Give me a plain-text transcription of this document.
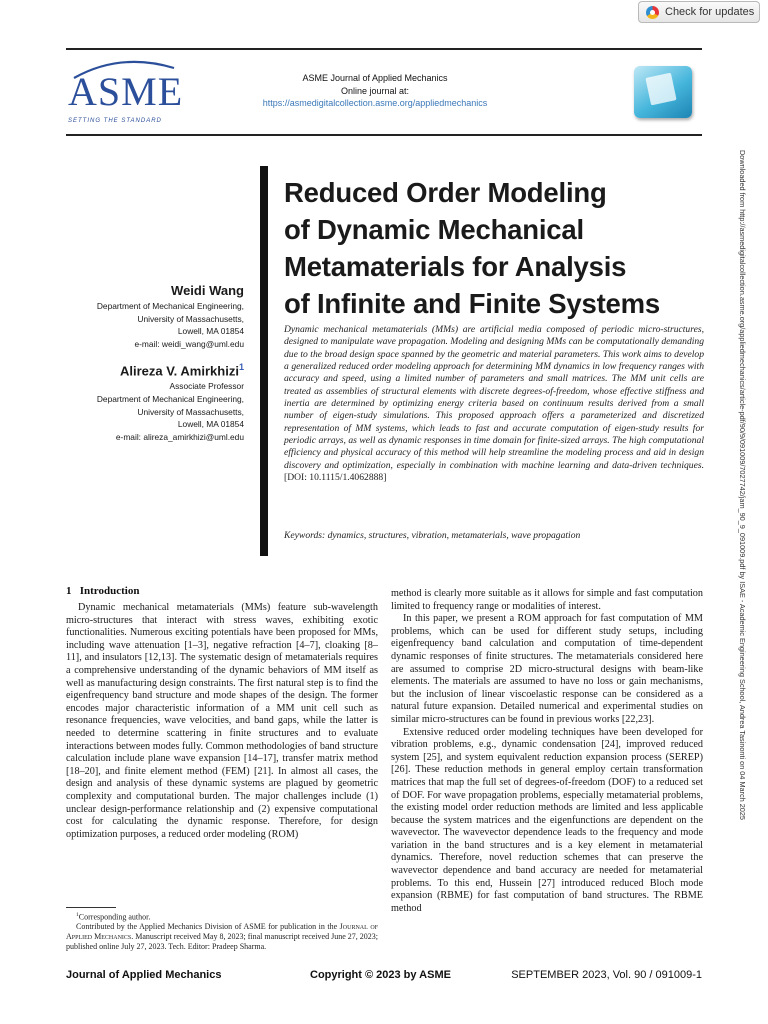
Check for updates
ASME
SETTING THE STANDARD
ASME Journal of Applied Mechanics
Online journal at:
https://asmedigitalcollection.asme.org/appliedmechanics
Downloaded from http://asmedigitalcollection.asme.org/appliedmechanics/article-pdf/90/9/091009/7027742/jam_90_9_091009.pdf by ISAE - Academic Engineering School, Andrea Tasinonti on 04 March 2025
Reduced Order Modeling
of Dynamic Mechanical
Metamaterials for Analysis
of Infinite and Finite Systems
Weidi Wang
Department of Mechanical Engineering,
University of Massachusetts,
Lowell, MA 01854
e-mail: weidi_wang@uml.edu
Alireza V. Amirkhizi$^1$
Associate Professor
Department of Mechanical Engineering,
University of Massachusetts,
Lowell, MA 01854
e-mail: alireza_amirkhizi@uml.edu
Dynamic mechanical metamaterials (MMs) are artificial media composed of periodic micro-structures, designed to manipulate wave propagation. Modeling and designing MMs can be computationally demanding due to the broad design space spanned by the geometric and material parameters. This work aims to develop a generalized reduced order modeling approach for determining MM dynamics in low frequency ranges with accuracy and speed, using a limited number of parameters and small matrices. The MM unit cells are treated as assemblies of structural elements with discrete degrees-of-freedom, whose effective stiffness and inertia are determined by optimizing energy criteria based on continuum results derived from a small number of eigen-study simulations. This proposed approach offers a parameterized and discretized representation of MM systems, which leads to fast and accurate computation of eigen-study results for periodic arrays, as well as dynamic responses in time domain for finite-sized arrays. The high computational efficiency and physical accuracy of this method will help streamline the modeling process and aid in design discovery and optimization, especially in combination with machine learning and data-driven techniques. [DOI: 10.1115/1.4062888]
Keywords: dynamics, structures, vibration, metamaterials, wave propagation
1 Introduction

Dynamic mechanical metamaterials (MMs) feature sub-wavelength micro-structures that interact with stress waves, exhibiting exotic functionalities. Numerous exciting potentials have been proposed for MMs, including wave attenuation [1–3], negative refraction [4–7], cloaking [8–11], and insulators [12,13]. The systematic design of metamaterials requires a comprehensive understanding of the dynamic behaviors of MM itself as well as manufacturing design constraints. The first natural step is to find the eigenfrequency band structure and mode shapes of the design. The former encodes major characteristic information of a MM unit cell such as resonance frequencies, wave velocities, and band gaps, while the latter is needed to determine scattering in finite structures and to evaluate interactions between modes fully. Common methodologies of band structure calculation include plane wave expansion [14–17], transfer matrix method [18–20], and finite element method (FEM) [21]. In almost all cases, the design and analysis of these dynamic systems are plagued by geometric complexity and computational burden. The major challenges include (1) unclear design-performance relationship and (2) expensive computational cost for calculating the dynamic response. Therefore, for design optimization purposes, a reduced order modeling (ROM)

method is clearly more suitable as it allows for simple and fast computation limited to frequency range or modalities of interest.

In this paper, we present a ROM approach for fast computation of MM problems, which can be used for different study setups, including eigenfrequency band calculation and computation of time-dependent dynamic responses of finite structures. The metamaterials considered here are assumed to comprise 2D micro-structural designs with beam-like elements. The materials are assumed to have no loss or gain mechanisms, but the inclusion of linear viscoelastic response can be considered as a natural future expansion. Detailed numerical and experimental studies on similar micro-structures can be found in previous works [22,23].

Extensive reduced order modeling techniques have been developed for vibration problems, e.g., dynamic condensation [24], improved reduced system [25], and system equivalent reduction expansion process (SEREP) [26]. These reduction methods in general employ certain transformation matrices that map the full set of degrees-of-freedom (DOF) to a reduced set of DOF. For wave propagation problems, especially metamaterial problems, the existing model order reduction methods are limited and less applicable because the system matrices and the eigenfunctions are dependent on the wavevector. The wavevector dependence leads to the frequency and mode variation in the band structures and is a key element in metamaterial dynamics. Therefore, novel reduction schemes that can preserve the wavevector dependence and band accuracy are needed for metamaterial problems. To this end, Hussein [27] introduced reduced Bloch mode expansion (RBME) for fast computation of band structures. The RBME method

$^1$Corresponding author.

Contributed by the Applied Mechanics Division of ASME for publication in the Journal of Applied Mechanics. Manuscript received May 8, 2023; final manuscript received June 27, 2023; published online July 27, 2023. Tech. Editor: Pradeep Sharma.

Journal of Applied Mechanics	Copyright © 2023 by ASME	SEPTEMBER 2023, Vol. 90 / 091009-1
